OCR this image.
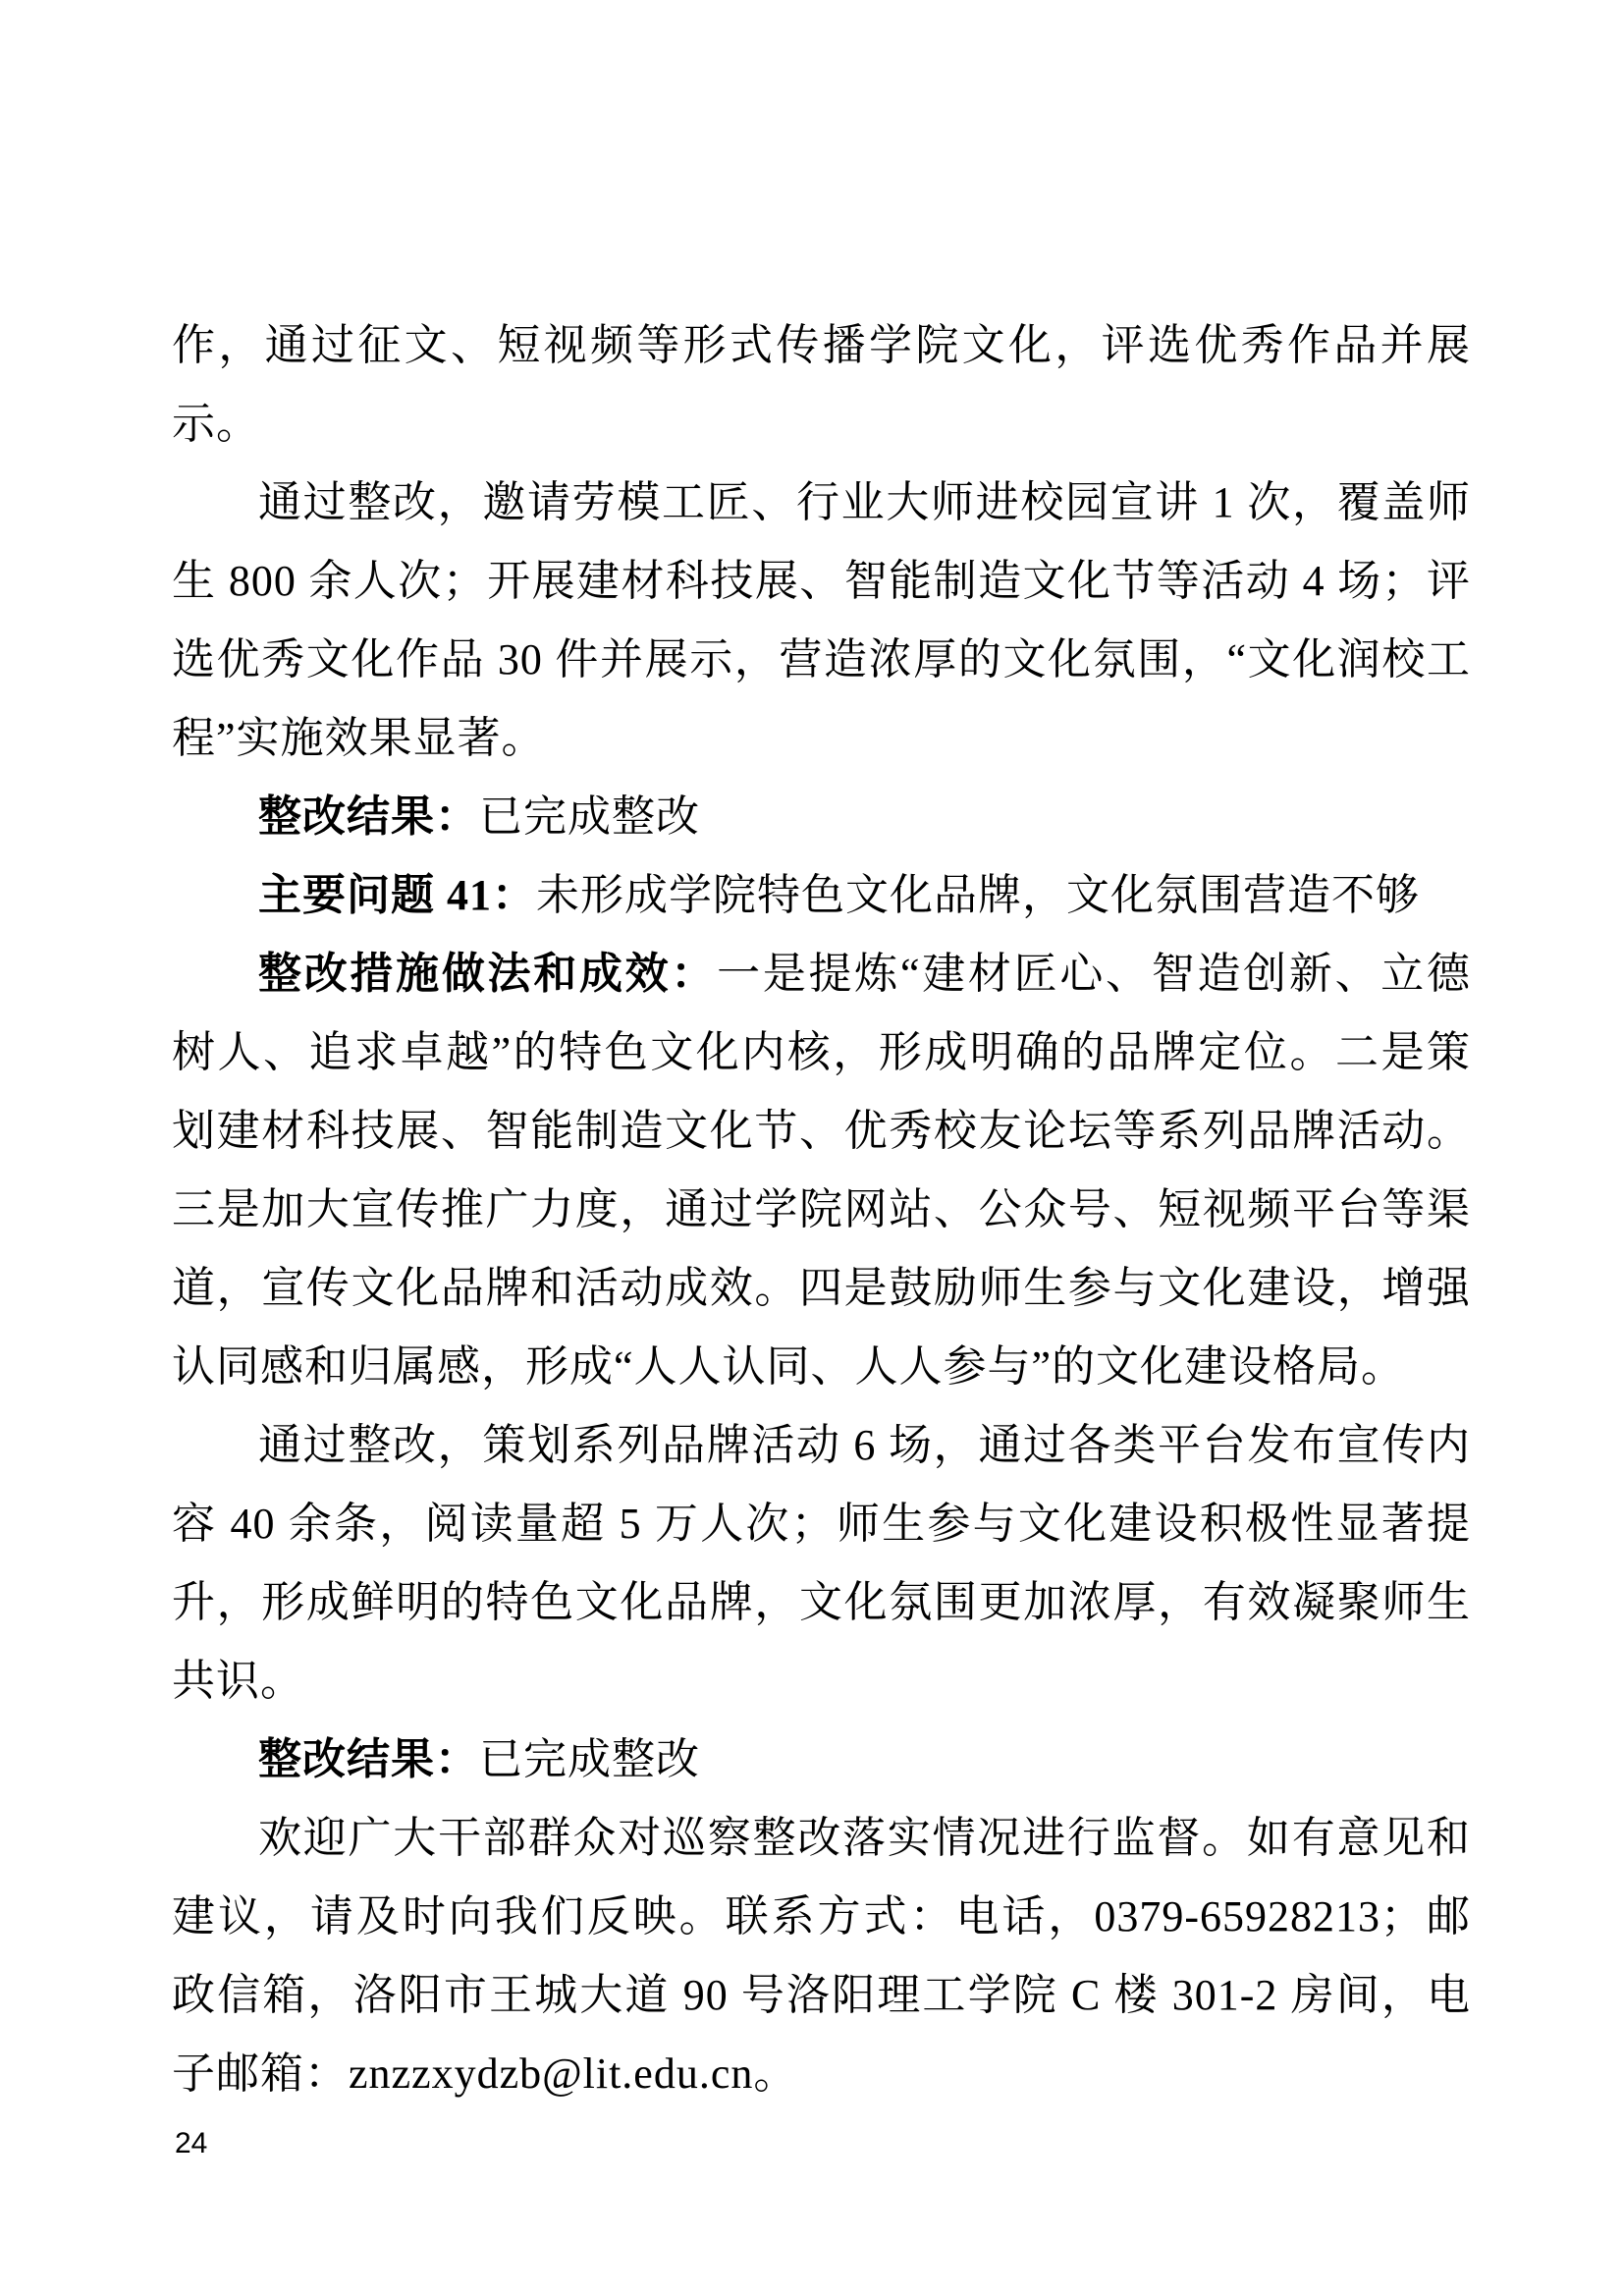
作，通过征文、短视频等形式传播学院文化，评选优秀作品并展示。

通过整改，邀请劳模工匠、行业大师进校园宣讲 1 次，覆盖师生 800 余人次；开展建材科技展、智能制造文化节等活动 4 场；评选优秀文化作品 30 件并展示，营造浓厚的文化氛围，“文化润校工程”实施效果显著。

整改结果：已完成整改

主要问题 41：未形成学院特色文化品牌，文化氛围营造不够

整改措施做法和成效：一是提炼“建材匠心、智造创新、立德树人、追求卓越”的特色文化内核，形成明确的品牌定位。二是策划建材科技展、智能制造文化节、优秀校友论坛等系列品牌活动。三是加大宣传推广力度，通过学院网站、公众号、短视频平台等渠道，宣传文化品牌和活动成效。四是鼓励师生参与文化建设，增强认同感和归属感，形成“人人认同、人人参与”的文化建设格局。

通过整改，策划系列品牌活动 6 场，通过各类平台发布宣传内容 40 余条，阅读量超 5 万人次；师生参与文化建设积极性显著提升，形成鲜明的特色文化品牌，文化氛围更加浓厚，有效凝聚师生共识。

整改结果：已完成整改

欢迎广大干部群众对巡察整改落实情况进行监督。如有意见和建议，请及时向我们反映。联系方式：电话，0379-65928213；邮政信箱，洛阳市王城大道 90 号洛阳理工学院 C 楼 301-2 房间，电子邮箱：znzzxydzb@lit.edu.cn。

24
